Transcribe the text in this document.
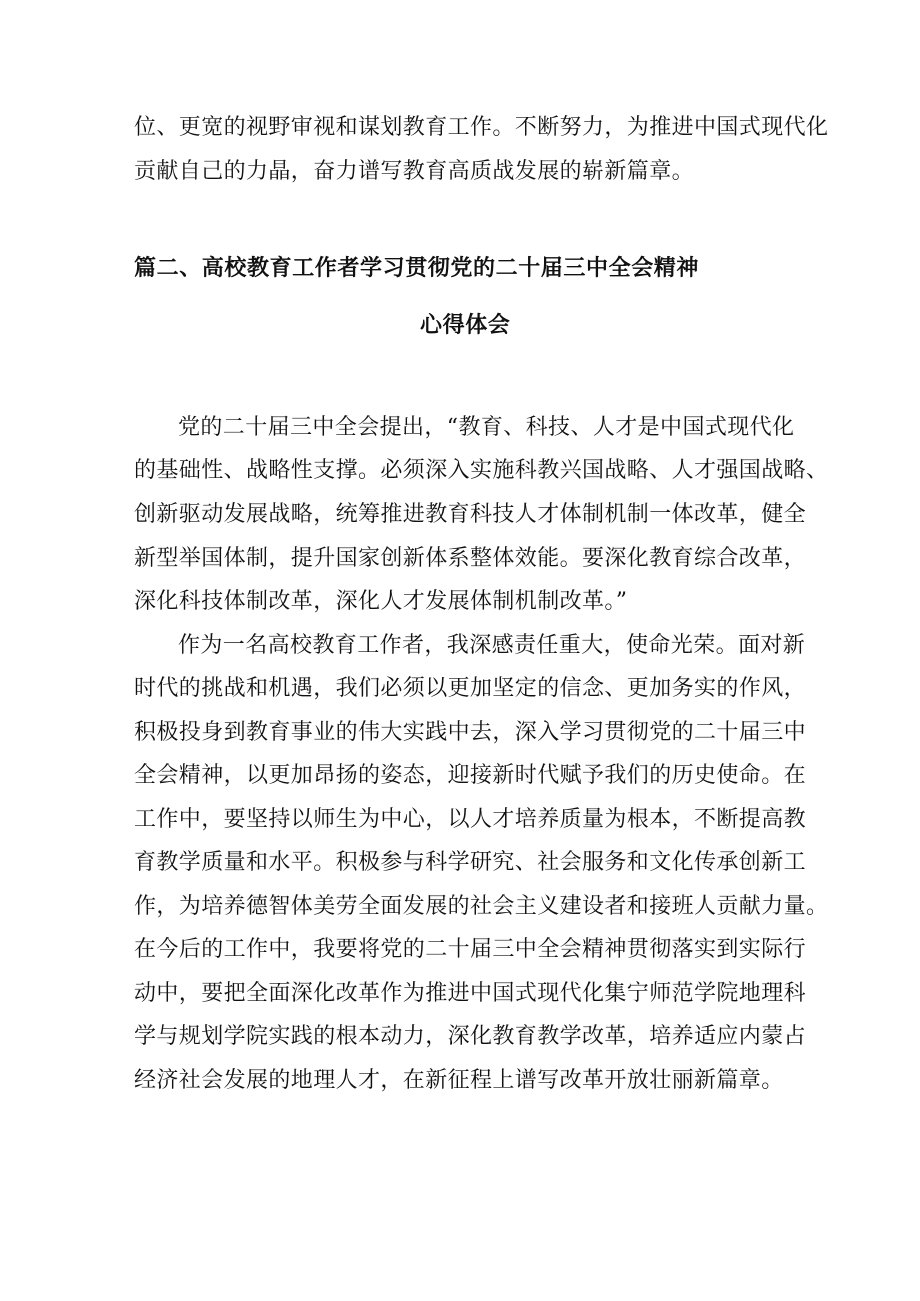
位、更宽的视野审视和谋划教育工作。不断努力，为推进中国式现代化
贡献自己的力晶，奋力谱写教育高质战发展的崭新篇章。
篇二、高校教育工作者学习贯彻党的二十届三中全会精神
心得体会
党的二十届三中全会提出，“教育、科技、人才是中国式现代化
的基础性、战略性支撑。必须深入实施科教兴国战略、人才强国战略、
创新驱动发展战略，统筹推进教育科技人才体制机制一体改革，健全
新型举国体制，提升国家创新体系整体效能。要深化教育综合改革，
深化科技体制改革，深化人才发展体制机制改革。”
作为一名高校教育工作者，我深感责任重大，使命光荣。面对新
时代的挑战和机遇，我们必须以更加坚定的信念、更加务实的作风，
积极投身到教育事业的伟大实践中去，深入学习贯彻党的二十届三中
全会精神，以更加昂扬的姿态，迎接新时代赋予我们的历史使命。在
工作中，要坚持以师生为中心，以人才培养质量为根本，不断提高教
育教学质量和水平。积极参与科学研究、社会服务和文化传承创新工
作，为培养德智体美劳全面发展的社会主义建设者和接班人贡献力量。
在今后的工作中，我要将党的二十届三中全会精神贯彻落实到实际行
动中，要把全面深化改革作为推进中国式现代化集宁师范学院地理科
学与规划学院实践的根本动力，深化教育教学改革，培养适应内蒙占
经济社会发展的地理人才，在新征程上谱写改革开放壮丽新篇章。
